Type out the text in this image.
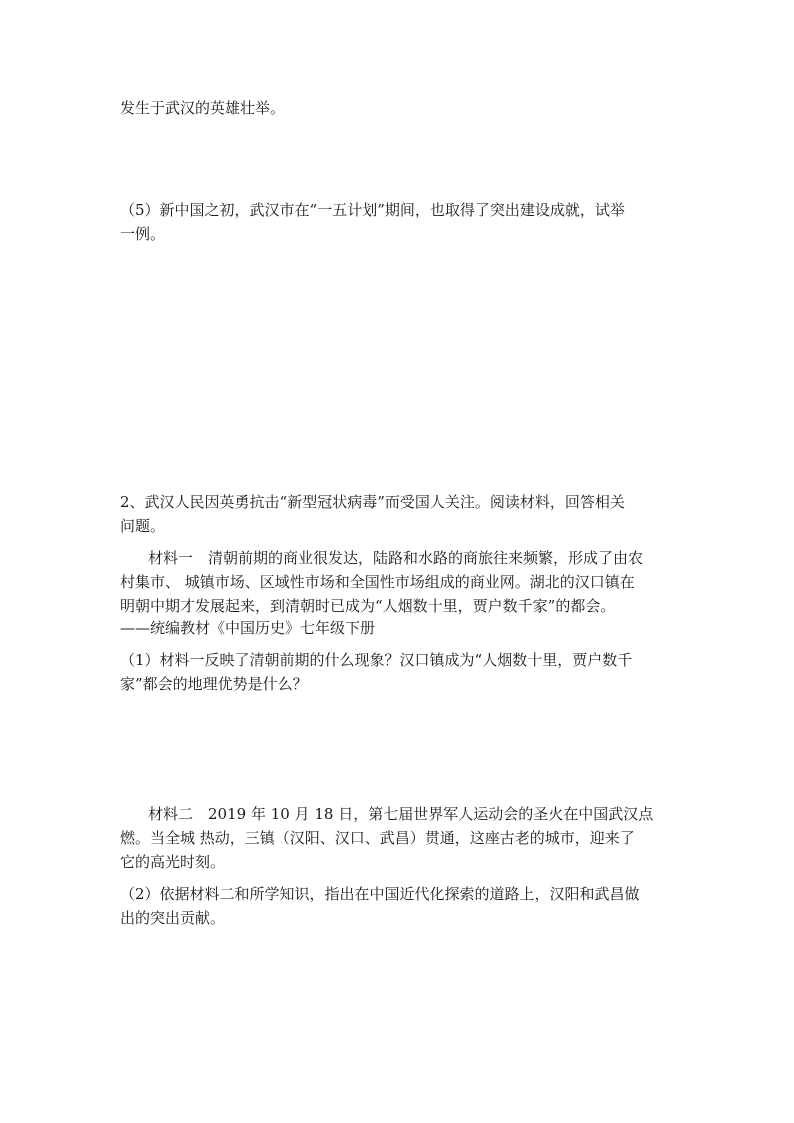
发生于武汉的英雄壮举。

（5）新中国之初，武汉市在“一五计划”期间，也取得了突出建设成就，试举

一例。

2、武汉人民因英勇抗击“新型冠状病毒”而受国人关注。阅读材料，回答相关

问题。

材料一　清朝前期的商业很发达，陆路和水路的商旅往来频繁，形成了由农

村集市、 城镇市场、区域性市场和全国性市场组成的商业网。湖北的汉口镇在

明朝中期才发展起来，到清朝时已成为“人烟数十里，贾户数千家”的都会。

——统编教材《中国历史》七年级下册

（1）材料一反映了清朝前期的什么现象？汉口镇成为“人烟数十里，贾户数千

家”都会的地理优势是什么？

材料二　2019 年 10 月 18 日，第七届世界军人运动会的圣火在中国武汉点

燃。当全城 热动，三镇（汉阳、汉口、武昌）贯通，这座古老的城市，迎来了

它的高光时刻。

（2）依据材料二和所学知识，指出在中国近代化探索的道路上，汉阳和武昌做

出的突出贡献。
